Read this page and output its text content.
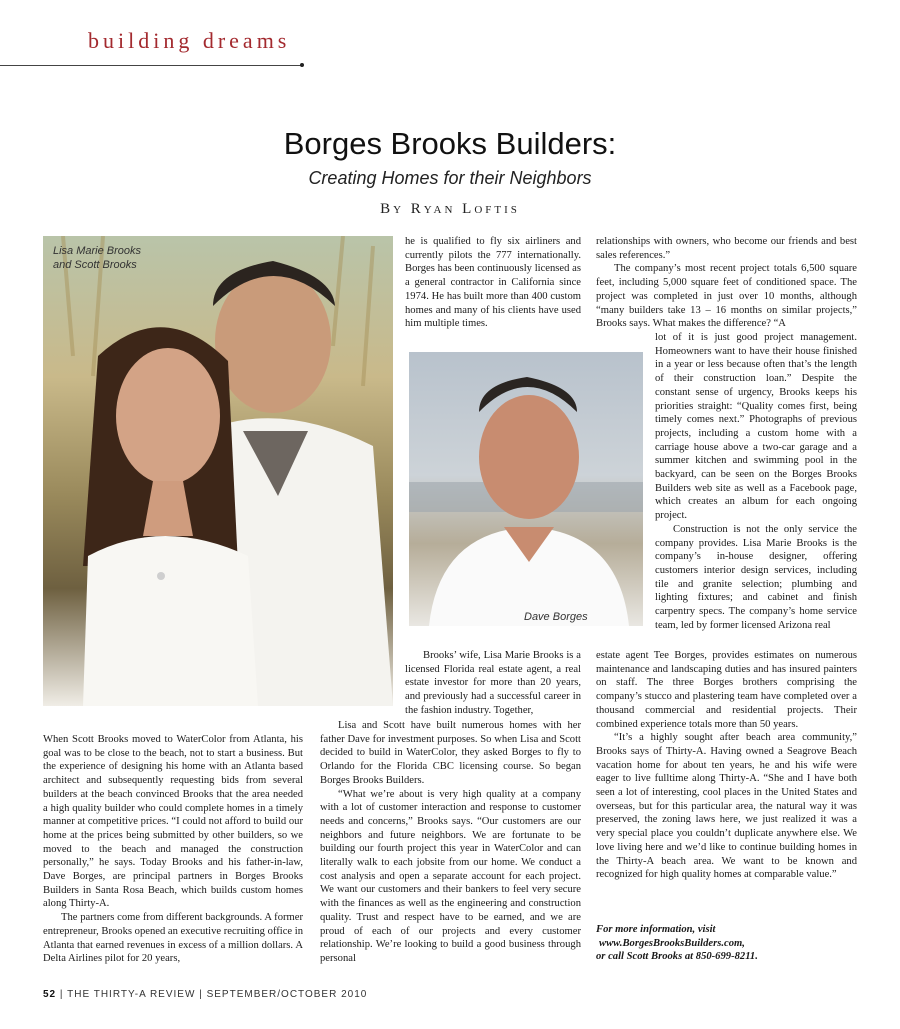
building dreams
Borges Brooks Builders:
Creating Homes for their Neighbors
By Ryan Loftis
Lisa Marie Brooks
and Scott Brooks
Dave Borges

When Scott Brooks moved to WaterColor from Atlanta, his goal was to be close to the beach, not to start a business. But the experience of designing his home with an Atlanta based architect and subsequently requesting bids from several builders at the beach convinced Brooks that the area needed a high quality builder who could complete homes in a timely manner at competitive prices. “I could not afford to build our home at the prices being submitted by other builders, so we moved to the beach and managed the construction personally,” he says. Today Brooks and his father-in-law, Dave Borges, are principal partners in Borges Brooks Builders in Santa Rosa Beach, which builds custom homes along Thirty-A.

The partners come from different backgrounds. A former entrepreneur, Brooks opened an executive recruiting office in Atlanta that earned revenues in excess of a million dollars. A Delta Airlines pilot for 20 years,

he is qualified to fly six airliners and currently pilots the 777 internationally. Borges has been continuously licensed as a general contractor in California since 1974. He has built more than 400 custom homes and many of his clients have used him multiple times.

Brooks’ wife, Lisa Marie Brooks is a licensed Florida real estate agent, a real estate investor for more than 20 years, and previously had a successful career in the fashion industry. Together,

Lisa and Scott have built numerous homes with her father Dave for investment purposes. So when Lisa and Scott decided to build in WaterColor, they asked Borges to fly to Orlando for the Florida CBC licensing course. So began Borges Brooks Builders.

“What we’re about is very high quality at a company with a lot of customer interaction and response to customer needs and concerns,” Brooks says. “Our customers are our neighbors and future neighbors. We are fortunate to be building our fourth project this year in WaterColor and can literally walk to each jobsite from our home. We conduct a cost analysis and open a separate account for each project. We want our customers and their bankers to feel very secure with the finances as well as the engineering and construction quality. Trust and respect have to be earned, and we are proud of each of our projects and every customer relationship. We’re looking to build a good business through personal

relationships with owners, who become our friends and best sales references.”

The company’s most recent project totals 6,500 square feet, including 5,000 square feet of conditioned space. The project was completed in just over 10 months, although “many builders take 13 – 16 months on similar projects,” Brooks says. What makes the difference? “A

lot of it is just good project management. Homeowners want to have their house finished in a year or less because often that’s the length of their construction loan.” Despite the constant sense of urgency, Brooks keeps his priorities straight: “Quality comes first, being timely comes next.” Photographs of previous projects, including a custom home with a carriage house above a two-car garage and a summer kitchen and swimming pool in the backyard, can be seen on the Borges Brooks Builders web site as well as a Facebook page, which creates an album for each ongoing project.

Construction is not the only service the company provides. Lisa Marie Brooks is the company’s in-house designer, offering customers interior design services, including tile and granite selection; plumbing and lighting fixtures; and cabinet and finish carpentry specs. The company’s home service team, led by former licensed Arizona real

estate agent Tee Borges, provides estimates on numerous maintenance and landscaping duties and has insured painters on staff. The three Borges brothers comprising the company’s stucco and plastering team have completed over a thousand commercial and residential projects. Their combined experience totals more than 50 years.

“It’s a highly sought after beach area community,” Brooks says of Thirty-A. Having owned a Seagrove Beach vacation home for about ten years, he and his wife were eager to live fulltime along Thirty-A. “She and I have both seen a lot of interesting, cool places in the United States and overseas, but for this particular area, the natural way it was preserved, the zoning laws here, we just realized it was a very special place you couldn’t duplicate anywhere else. We love living here and we’d like to continue building homes in the Thirty-A beach area. We want to be known and recognized for high quality homes at comparable value.”

For more information, visit
www.BorgesBrooksBuilders.com,
or call Scott Brooks at 850-699-8211.
52 | THE THIRTY-A REVIEW | SEPTEMBER/OCTOBER 2010
